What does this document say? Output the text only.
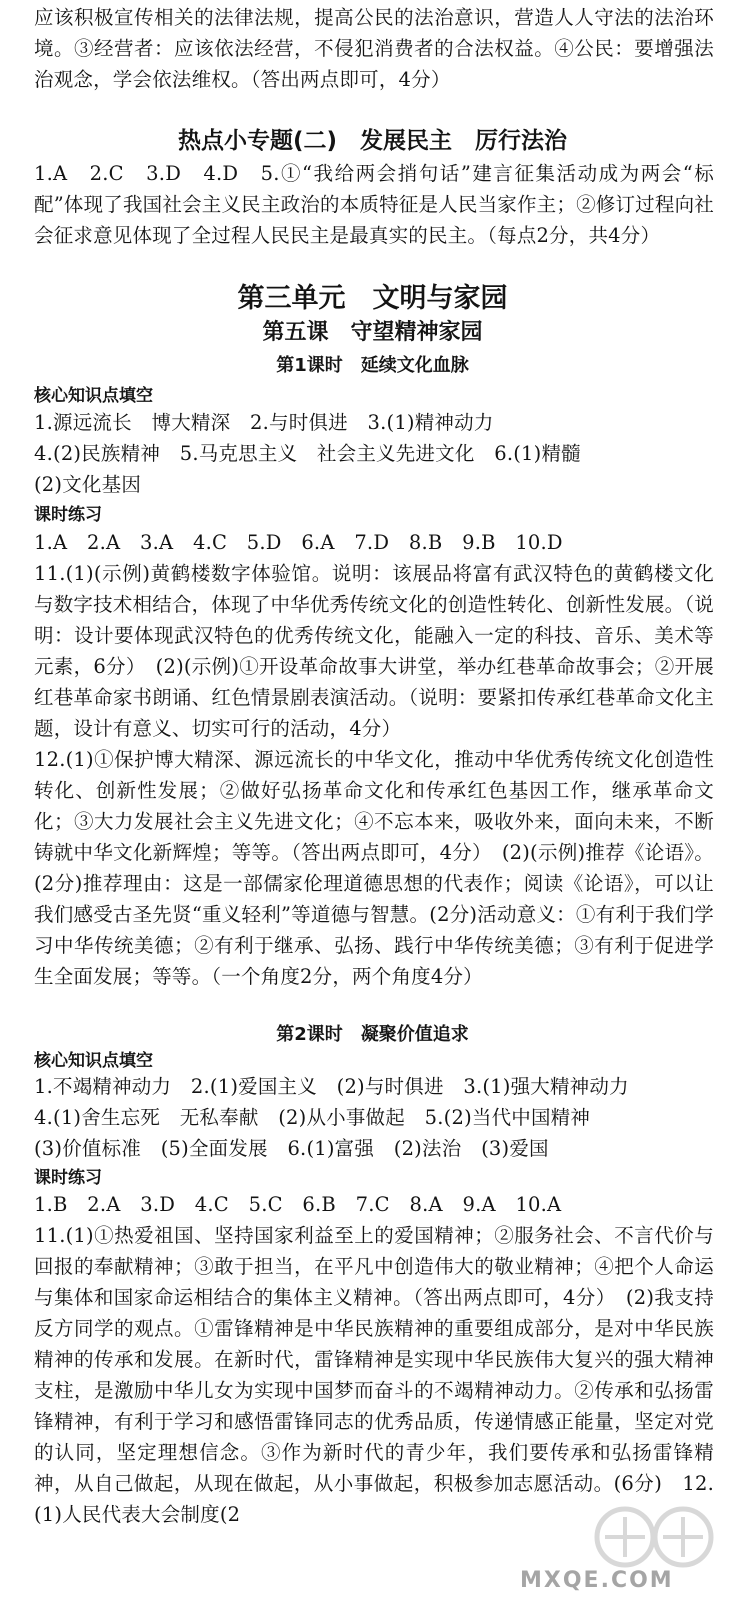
应该积极宣传相关的法律法规，提高公民的法治意识，营造人人守法的法治环境。③经营者：应该依法经营，不侵犯消费者的合法权益。④公民：要增强法治观念，学会依法维权。（答出两点即可，4分）

热点小专题(二)　发展民主　厉行法治

1.A　2.C　3.D　4.D　5.①“我给两会捎句话”建言征集活动成为两会“标配”体现了我国社会主义民主政治的本质特征是人民当家作主；②修订过程向社会征求意见体现了全过程人民民主是最真实的民主。（每点2分，共4分）

第三单元　文明与家园
第五课　守望精神家园
第1课时　延续文化血脉

核心知识点填空

1.源远流长　博大精深　2.与时俱进　3.(1)精神动力

4.(2)民族精神　5.马克思主义　社会主义先进文化　6.(1)精髓

(2)文化基因

课时练习

1.A　2.A　3.A　4.C　5.D　6.A　7.D　8.B　9.B　10.D

11.(1)(示例)黄鹤楼数字体验馆。说明：该展品将富有武汉特色的黄鹤楼文化与数字技术相结合，体现了中华优秀传统文化的创造性转化、创新性发展。（说明：设计要体现武汉特色的优秀传统文化，能融入一定的科技、音乐、美术等元素，6分）　(2)(示例)①开设革命故事大讲堂，举办红巷革命故事会；②开展红巷革命家书朗诵、红色情景剧表演活动。（说明：要紧扣传承红巷革命文化主题，设计有意义、切实可行的活动，4分）

12.(1)①保护博大精深、源远流长的中华文化，推动中华优秀传统文化创造性转化、创新性发展；②做好弘扬革命文化和传承红色基因工作，继承革命文化；③大力发展社会主义先进文化；④不忘本来，吸收外来，面向未来，不断铸就中华文化新辉煌；等等。（答出两点即可，4分）　(2)(示例)推荐《论语》。(2分)推荐理由：这是一部儒家伦理道德思想的代表作；阅读《论语》，可以让我们感受古圣先贤“重义轻利”等道德与智慧。(2分)活动意义：①有利于我们学习中华传统美德；②有利于继承、弘扬、践行中华传统美德；③有利于促进学生全面发展；等等。（一个角度2分，两个角度4分）

第2课时　凝聚价值追求

核心知识点填空

1.不竭精神动力　2.(1)爱国主义　(2)与时俱进　3.(1)强大精神动力

4.(1)舍生忘死　无私奉献　(2)从小事做起　5.(2)当代中国精神

(3)价值标准　(5)全面发展　6.(1)富强　(2)法治　(3)爱国

课时练习

1.B　2.A　3.D　4.C　5.C　6.B　7.C　8.A　9.A　10.A

11.(1)①热爱祖国、坚持国家利益至上的爱国精神；②服务社会、不言代价与回报的奉献精神；③敢于担当，在平凡中创造伟大的敬业精神；④把个人命运与集体和国家命运相结合的集体主义精神。（答出两点即可，4分）　(2)我支持反方同学的观点。①雷锋精神是中华民族精神的重要组成部分，是对中华民族精神的传承和发展。在新时代，雷锋精神是实现中华民族伟大复兴的强大精神支柱，是激励中华儿女为实现中国梦而奋斗的不竭精神动力。②传承和弘扬雷锋精神，有利于学习和感悟雷锋同志的优秀品质，传递情感正能量，坚定对党的认同，坚定理想信念。③作为新时代的青少年，我们要传承和弘扬雷锋精神，从自己做起，从现在做起，从小事做起，积极参加志愿活动。(6分)　12.(1)人民代表大会制度(2

MXQE.COM
